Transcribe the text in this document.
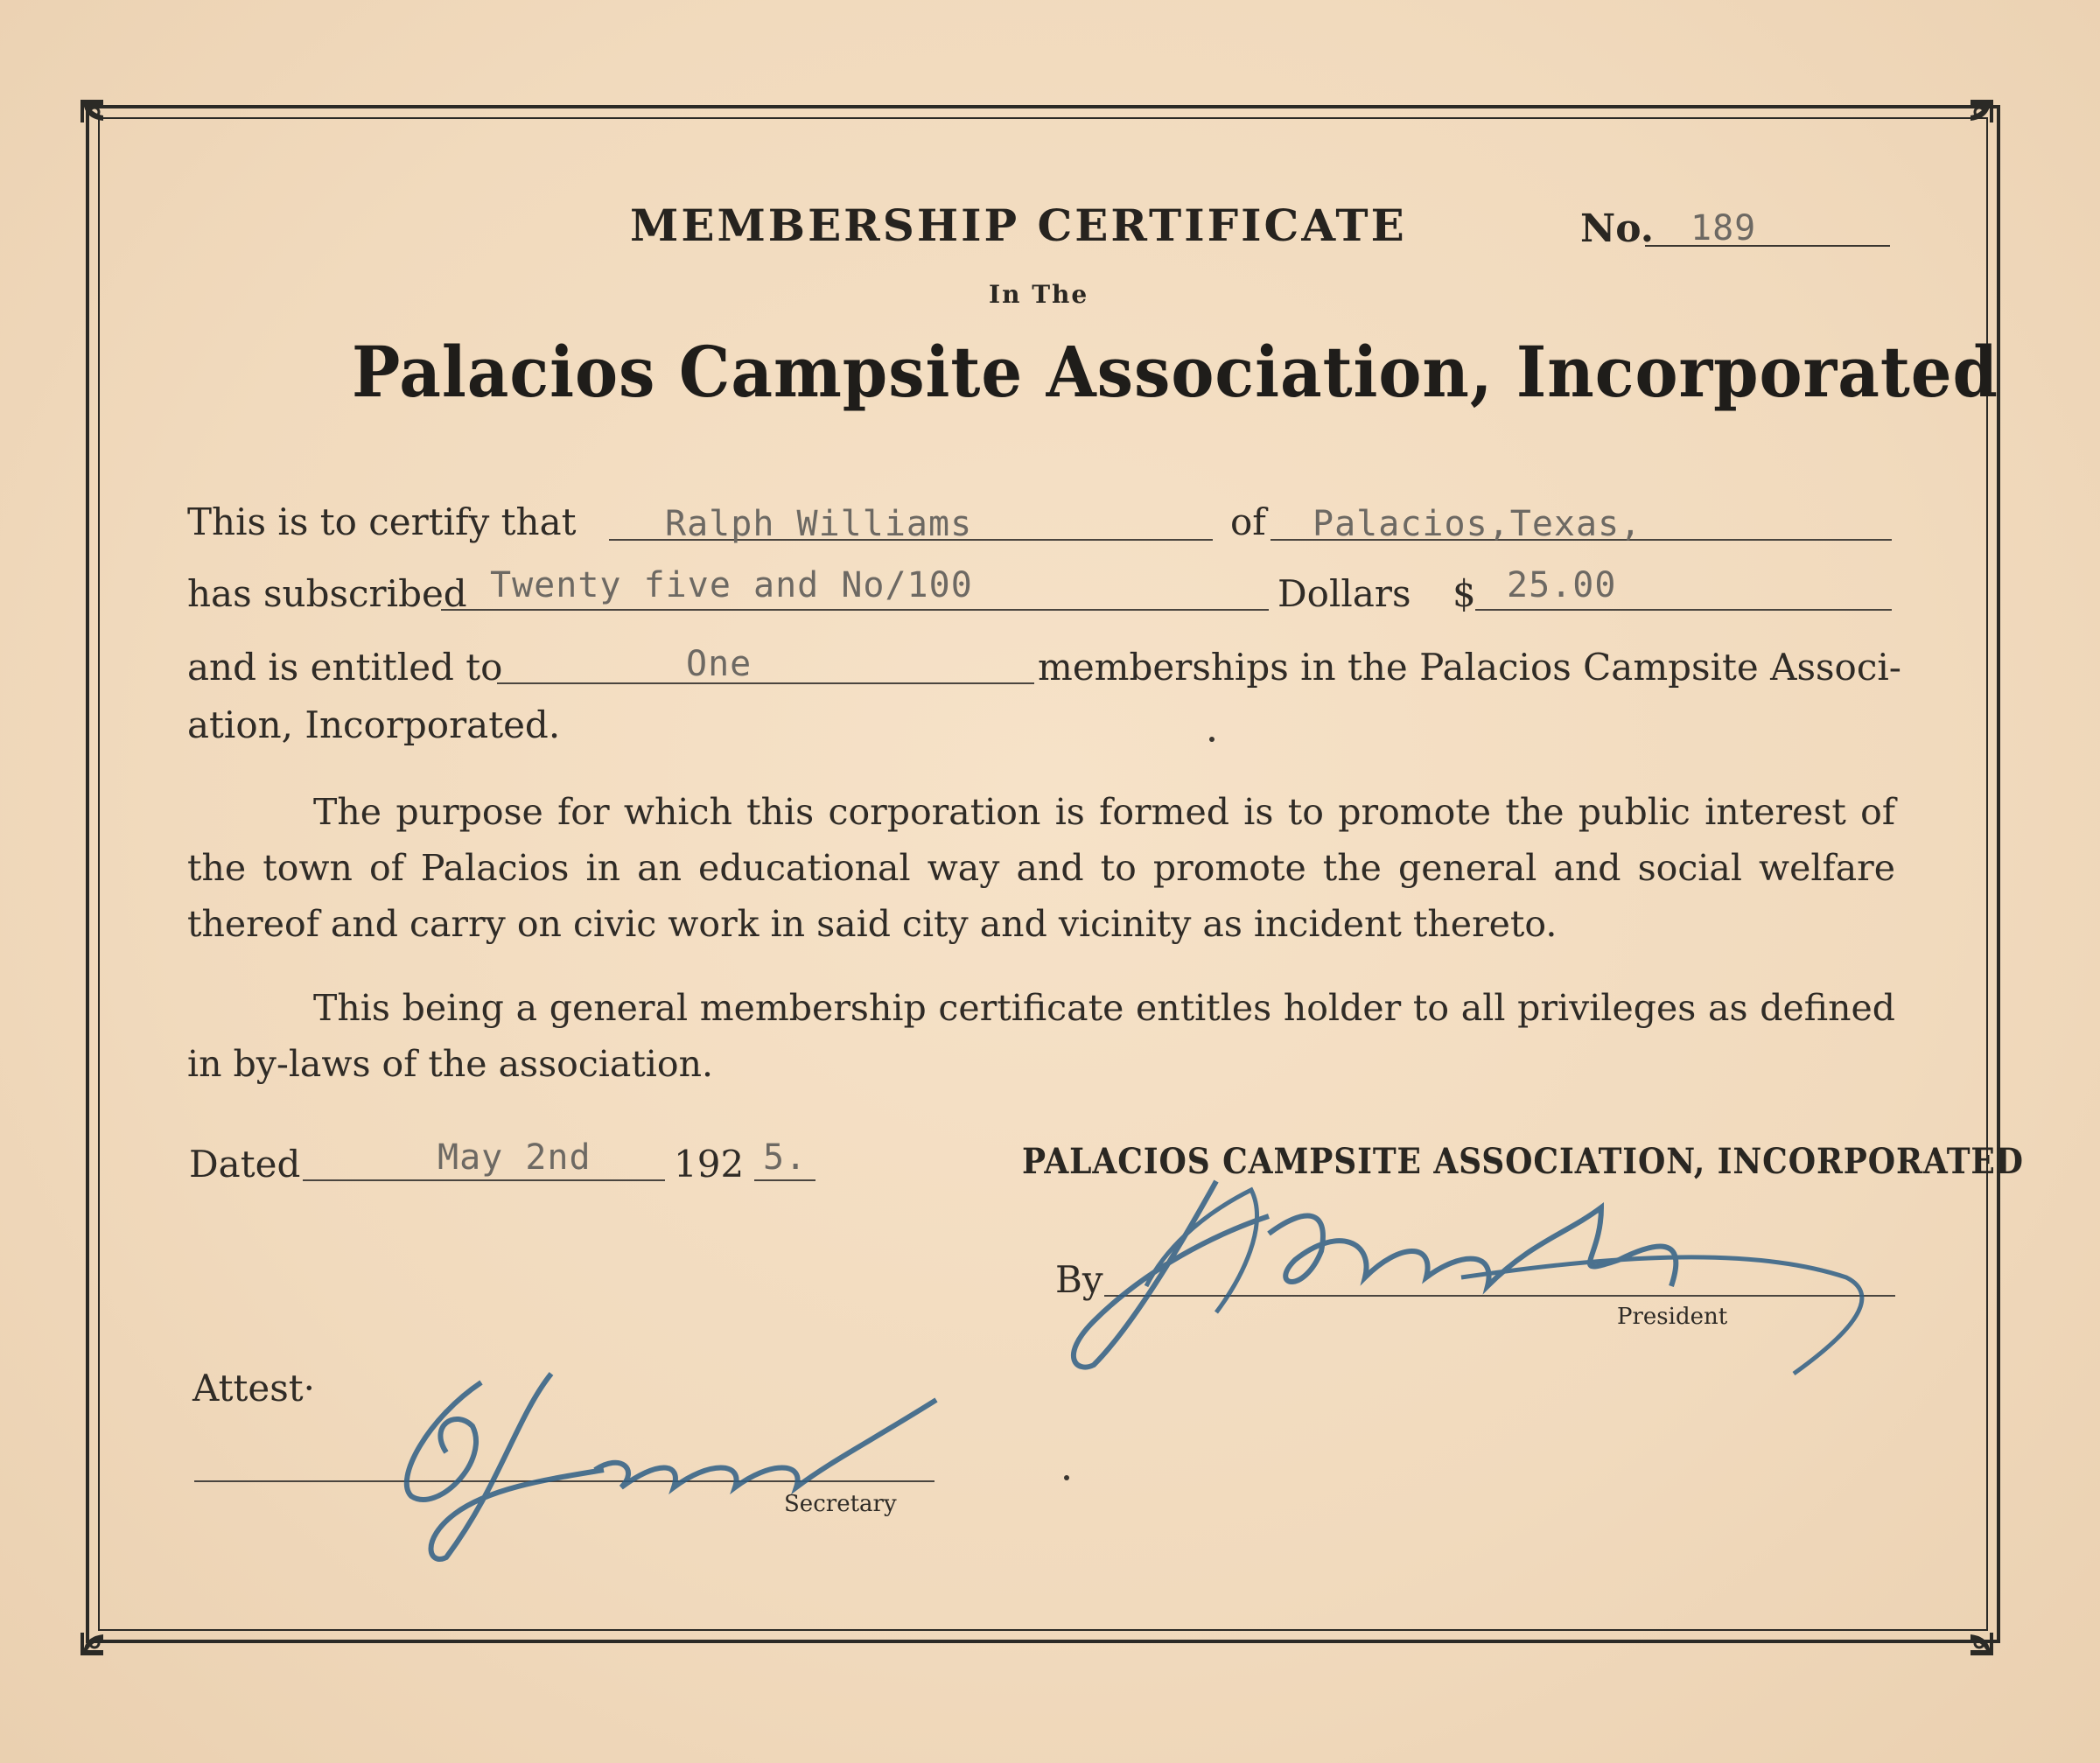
MEMBERSHIP CERTIFICATE	No. 189
In The
Palacios Campsite Association, Incorporated
This is to certify that	Ralph Williams	of Palacios,Texas,
has subscribed Twenty five and No/100	Dollars $ 25.00
and is entitled to	One	memberships in the Palacios Campsite Associ-
ation, Incorporated.
The purpose for which this corporation is formed is to promote the public interest of the town of Palacios in an educational way and to promote the general and social welfare thereof and carry on civic work in said city and vicinity as incident thereto.
This being a general membership certificate entitles holder to all privileges as defined in by-laws of the association.
Dated	May 2nd 192 5.	PALACIOS CAMPSITE ASSOCIATION, INCORPORATED
By
President
Attest·
Secretary
